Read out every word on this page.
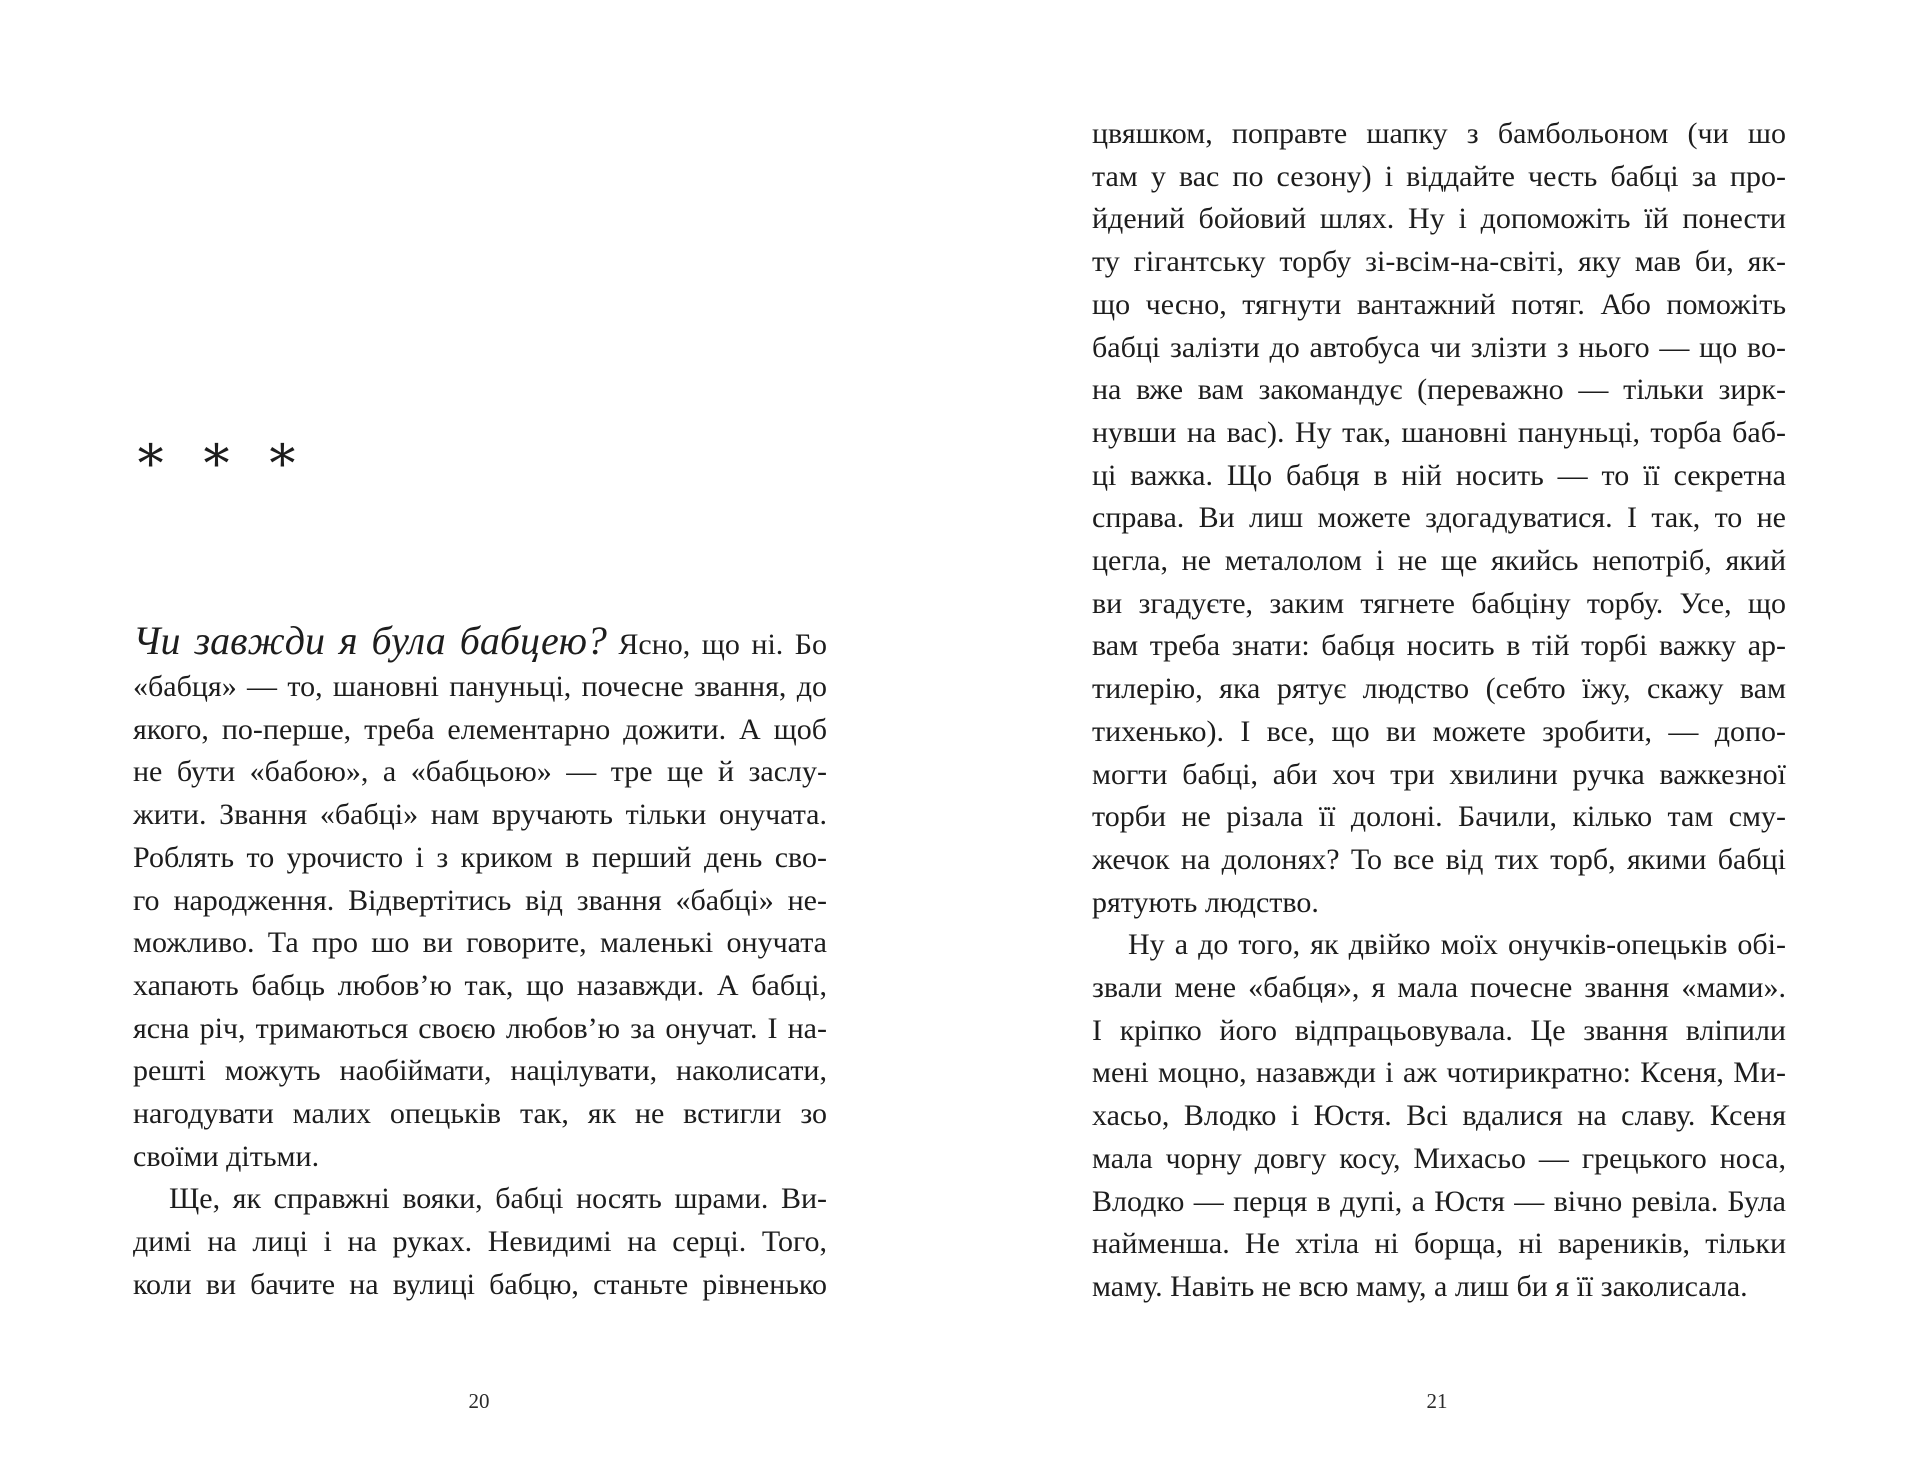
∗ ∗ ∗
Чи завжди я була бабцею? Ясно, що ні. Бо
«бабця» — то, шановні пануньці, почесне звання, до
якого, по-перше, треба елементарно дожити. А щоб
не бути «бабою», а «бабцьою» — тре ще й заслу-
жити. Звання «бабці» нам вручають тільки онучата.
Роблять то урочисто і з криком в перший день сво-
го народження. Відвертітись від звання «бабці» не-
можливо. Та про шо ви говорите, маленькі онучата
хапають бабць любов’ю так, що назавжди. А бабці,
ясна річ, тримаються своєю любов’ю за онучат. І на-
решті можуть наобіймати, націлувати, наколисати,
нагодувати малих опецьків так, як не встигли зо
своїми дітьми.
Ще, як справжні вояки, бабці носять шрами. Ви-
димі на лиці і на руках. Невидимі на серці. Того,
коли ви бачите на вулиці бабцю, станьте рівненько
20
цвяшком, поправте шапку з бамбольоном (чи шо
там у вас по сезону) і віддайте честь бабці за про-
йдений бойовий шлях. Ну і допоможіть їй понести
ту гігантську торбу зі-всім-на-світі, яку мав би, як-
що чесно, тягнути вантажний потяг. Або поможіть
бабці залізти до автобуса чи злізти з нього — що во-
на вже вам закомандує (переважно — тільки зирк-
нувши на вас). Ну так, шановні пануньці, торба баб-
ці важка. Що бабця в ній носить — то її секретна
справа. Ви лиш можете здогадуватися. І так, то не
цегла, не металолом і не ще якийсь непотріб, який
ви згадуєте, заким тягнете бабціну торбу. Усе, що
вам треба знати: бабця носить в тій торбі важку ар-
тилерію, яка рятує людство (себто їжу, скажу вам
тихенько). І все, що ви можете зробити, — допо-
могти бабці, аби хоч три хвилини ручка важкезної
торби не різала її долоні. Бачили, кілько там сму-
жечок на долонях? То все від тих торб, якими бабці
рятують людство.
Ну а до того, як двійко моїх онучків-опецьків обі-
звали мене «бабця», я мала почесне звання «мами».
І кріпко його відпрацьовувала. Це звання вліпили
мені моцно, назавжди і аж чотирикратно: Ксеня, Ми-
хасьо, Влодко і Юстя. Всі вдалися на славу. Ксеня
мала чорну довгу косу, Михасьо — грецького носа,
Влодко — перця в дупі, а Юстя — вічно ревіла. Була
найменша. Не хтіла ні борща, ні вареників, тільки
маму. Навіть не всю маму, а лиш би я її заколисала.
21
